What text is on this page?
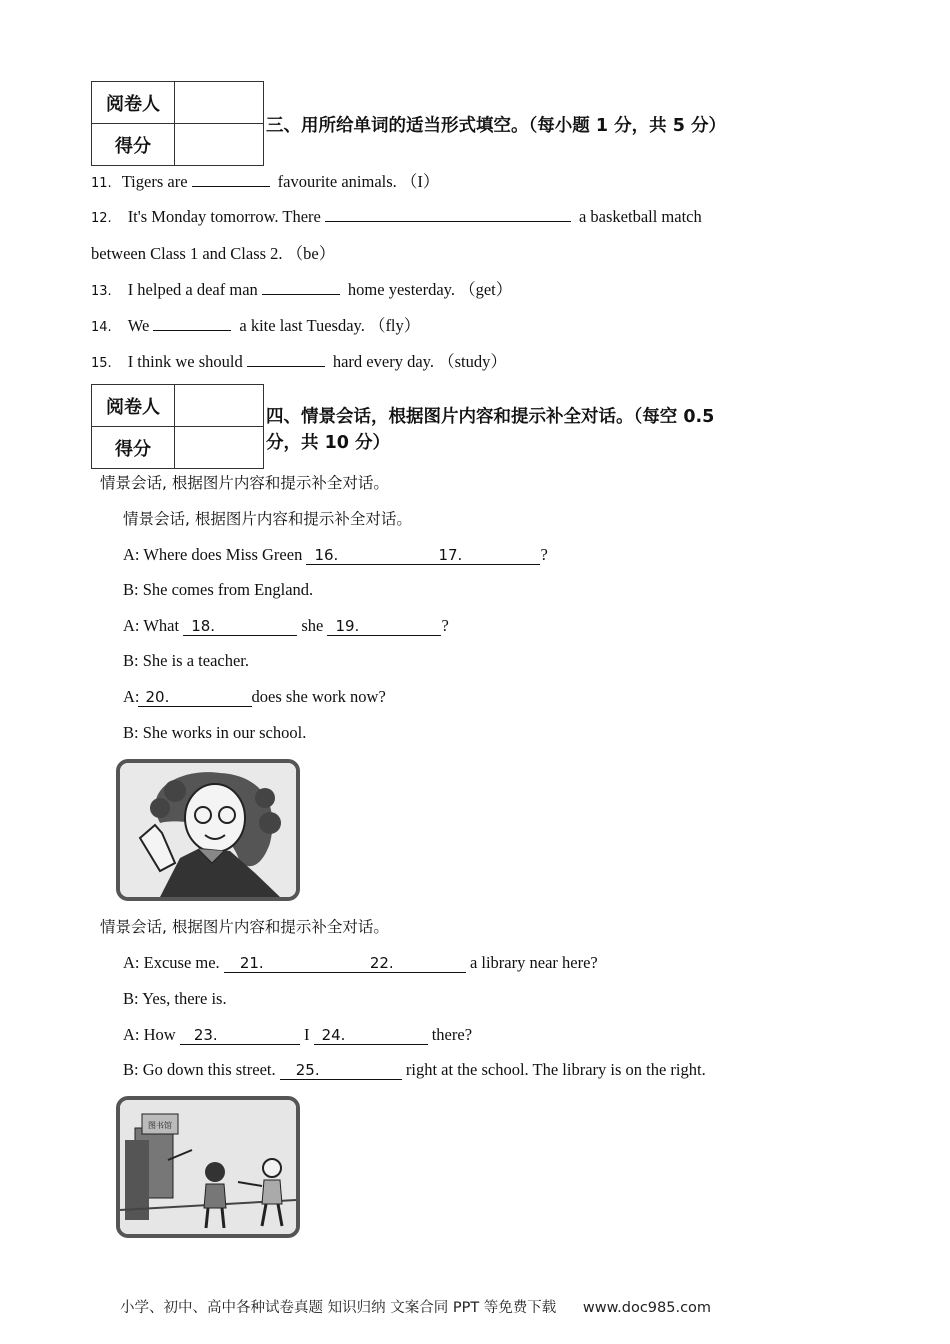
阅卷人	
得分	
三、用所给单词的适当形式填空。（每小题 1 分，共 5 分）
11. Tigers are	favourite animals. （I）
12. It's Monday tomorrow. There	a basketball match
between Class 1 and Class 2. （be）
13. I helped a deaf man	home yesterday. （get）
14. We	a kite last Tuesday. （fly）
15. I think we should	hard every day. （study）
阅卷人	
得分	
四、情景会话，根据图片内容和提示补全对话。（每空 0.5
分，共 10 分）
情景会话, 根据图片内容和提示补全对话。
情景会话, 根据图片内容和提示补全对话。
A: Where does Miss Green 16.	17.	?
B: She comes from England.
A: What 18.	she 19.	?
B: She is a teacher.
A: 20.	does she work now?
B: She works in our school.
情景会话, 根据图片内容和提示补全对话。
A: Excuse me. 21.	22.	a library near here?
B: Yes, there is.
A: How 23.	I 24.	there?
B: Go down this street. 25.	right at the school. The library is on the right.
图书馆
小学、初中、高中各种试卷真题 知识归纳 文案合同 PPT 等免费下载 www.doc985.com
